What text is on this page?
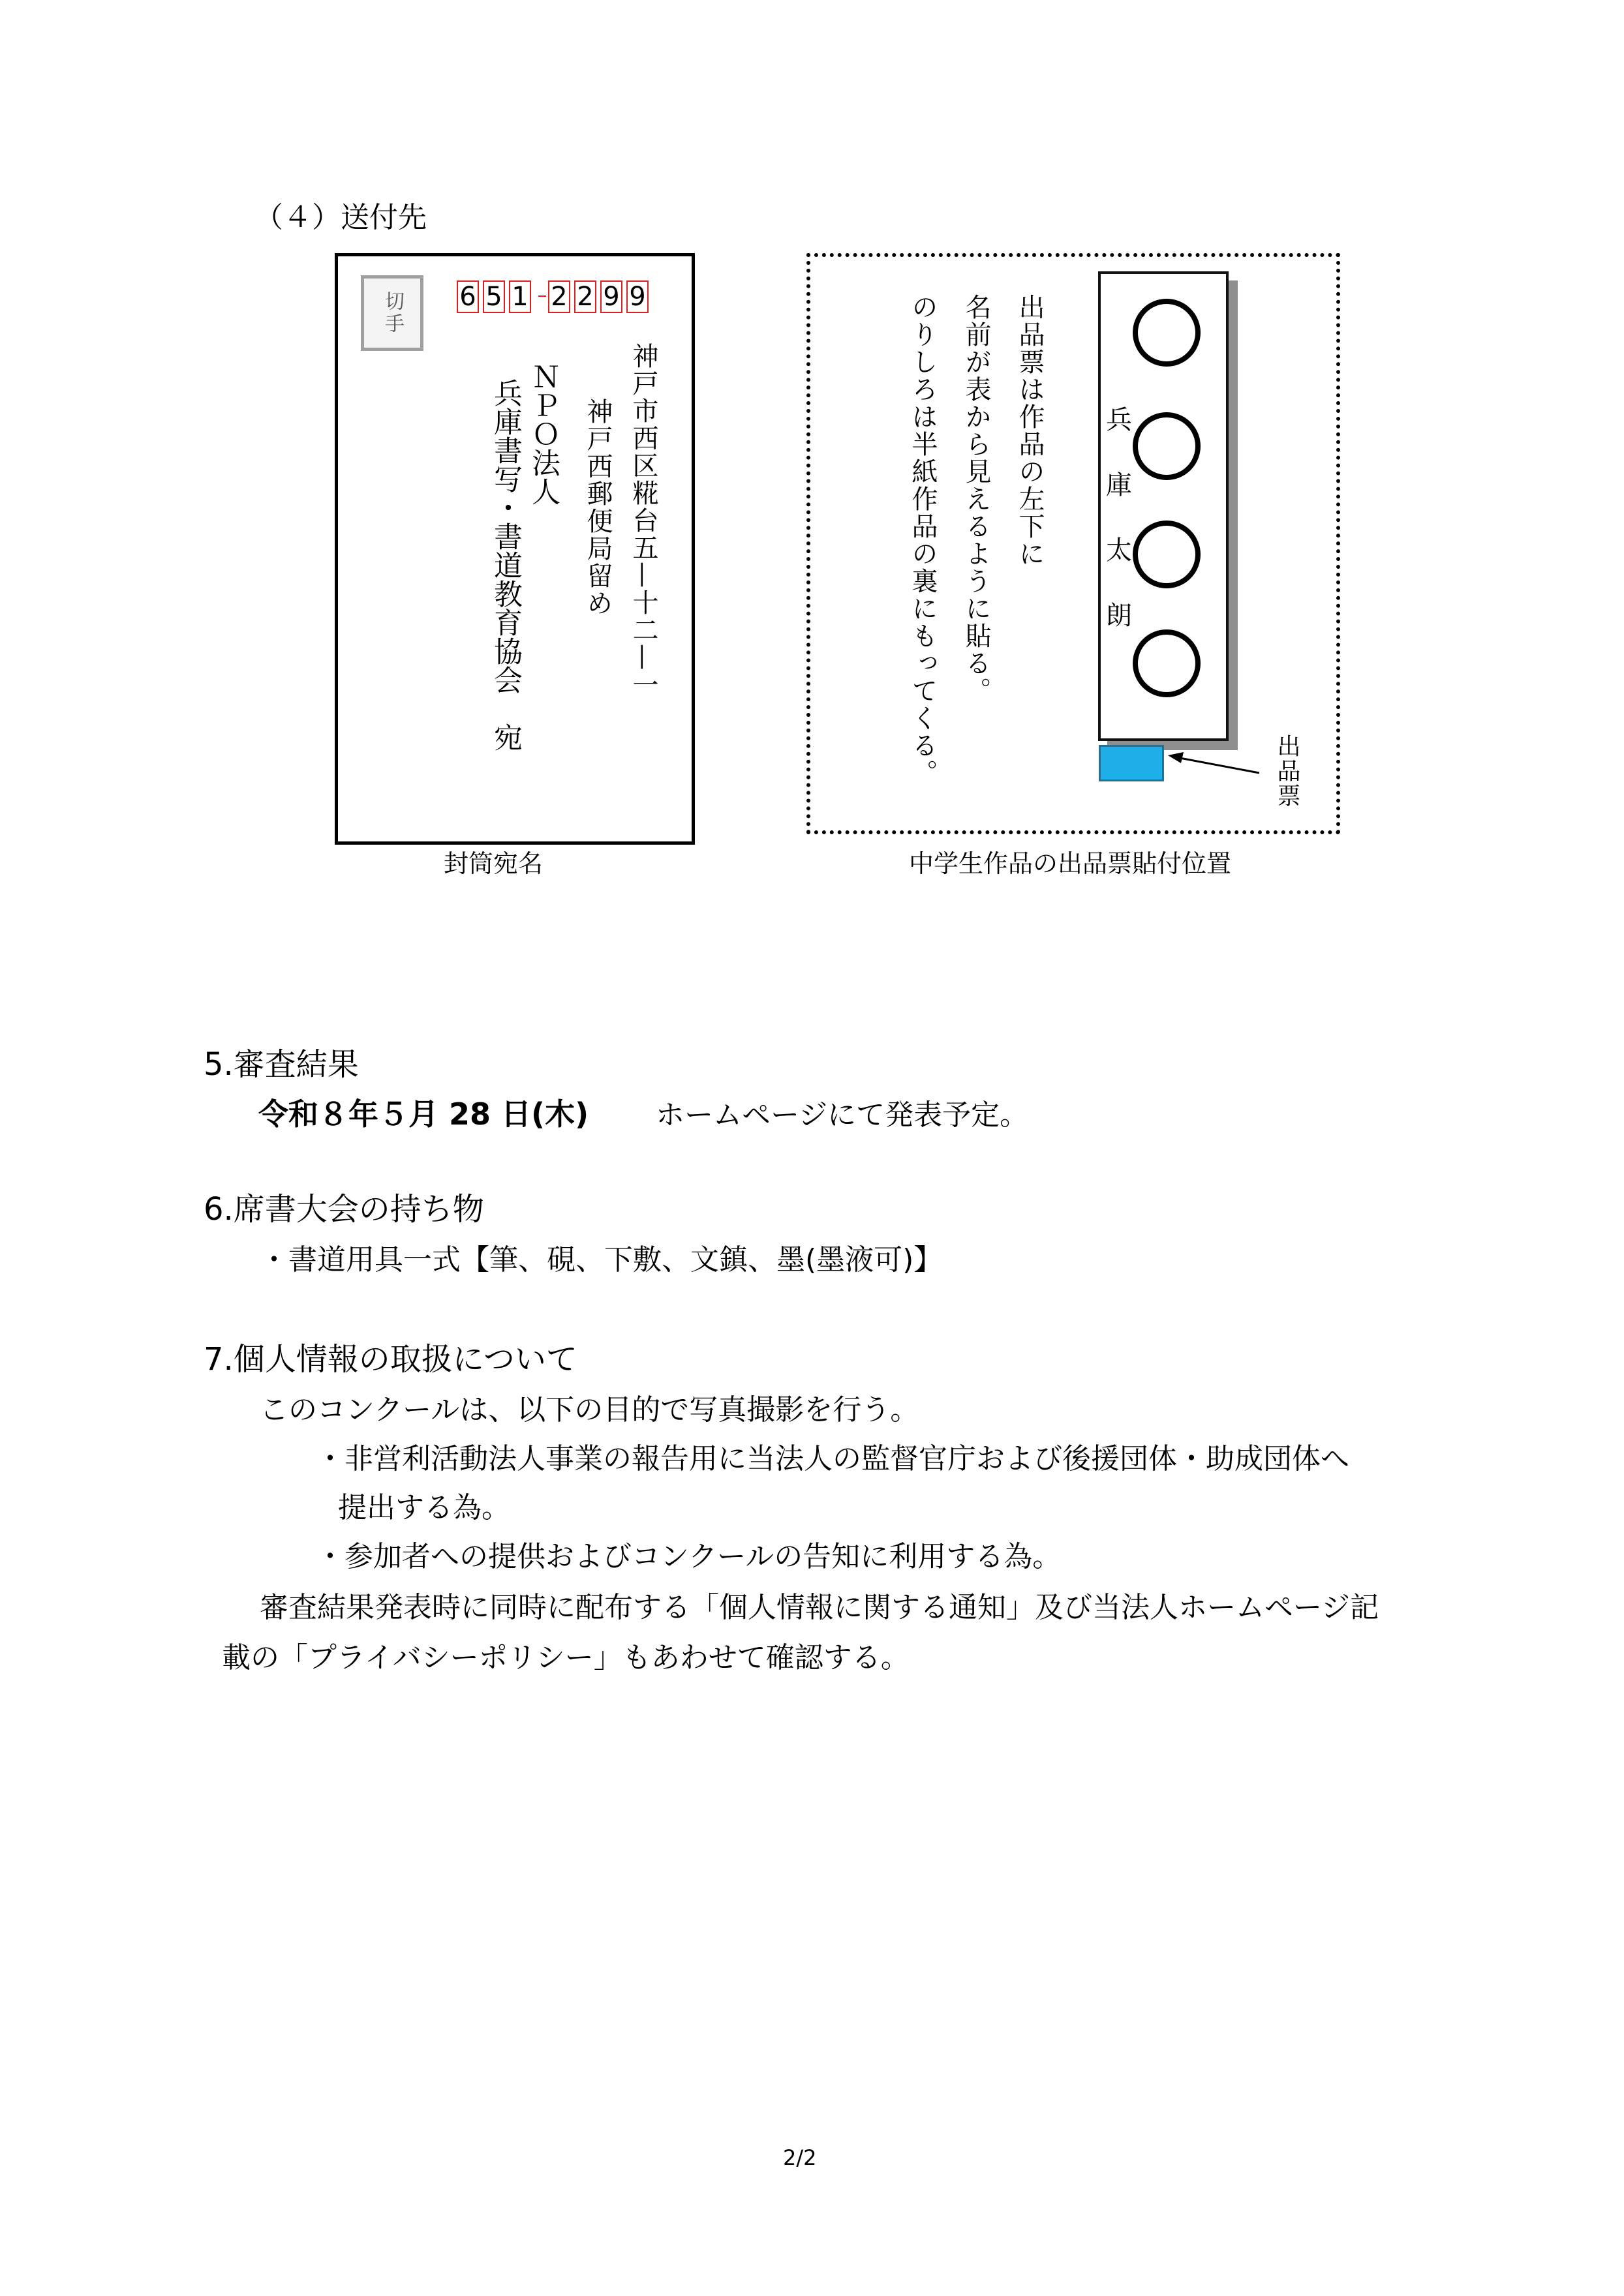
（４）送付先
切手 6 5 1 2 2 9 9
神戸市西区糀台五—十二—一
神戸西郵便局留め
ＮＰＯ法人
兵庫書写・書道教育協会　宛
封筒宛名
出品票は作品の左下に
名前が表から見えるように貼る。
のりしろは半紙作品の裏にもってくる。	兵
庫
太
朗
出品票
中学生作品の出品票貼付位置
5.審査結果
令和８年５月 28 日(木) ホームページにて発表予定。
6.席書大会の持ち物
・書道用具一式【筆、硯、下敷、文鎮、墨(墨液可)】
7.個人情報の取扱について
このコンクールは、以下の目的で写真撮影を行う。
・非営利活動法人事業の報告用に当法人の監督官庁および後援団体・助成団体へ
提出する為。
・参加者への提供およびコンクールの告知に利用する為。
審査結果発表時に同時に配布する「個人情報に関する通知」及び当法人ホームページ記
載の「プライバシーポリシー」もあわせて確認する。
2/2
